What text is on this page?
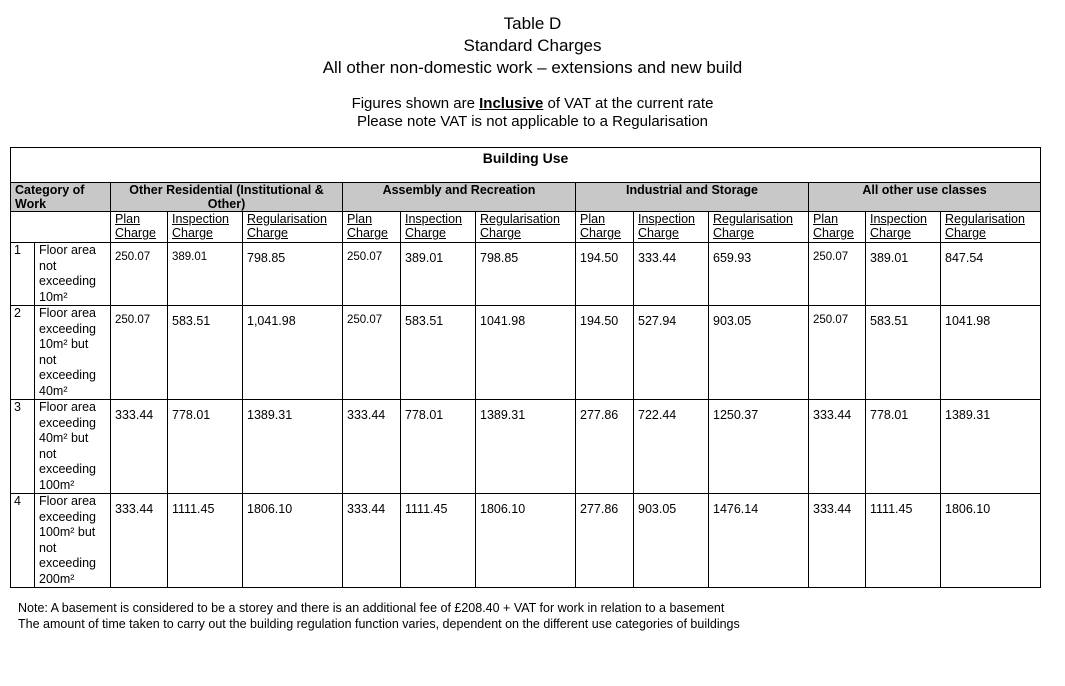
Table D
Standard Charges
All other non-domestic work – extensions and new build
Figures shown are Inclusive of VAT at the current rate
Please note VAT is not applicable to a Regularisation
Building Use													
Category of Work		Other Residential (Institutional & Other)			Assembly and Recreation			Industrial and Storage			All other use classes		
		Plan Charge	Inspection Charge	Regularisation Charge	Plan Charge	Inspection Charge	Regularisation Charge	Plan Charge	Inspection Charge	Regularisation Charge	Plan Charge	Inspection Charge	Regularisation Charge
1	Floor area not exceeding 10m²	250.07	389.01	798.85	250.07	389.01	798.85	194.50	333.44	659.93	250.07	389.01	847.54
2	Floor area exceeding 10m² but not exceeding 40m²	250.07	583.51	1,041.98	250.07	583.51	1041.98	194.50	527.94	903.05	250.07	583.51	1041.98
3	Floor area exceeding 40m² but not exceeding 100m²	333.44	778.01	1389.31	333.44	778.01	1389.31	277.86	722.44	1250.37	333.44	778.01	1389.31
4	Floor area exceeding 100m² but not exceeding 200m²	333.44	1111.45	1806.10	333.44	1111.45	1806.10	277.86	903.05	1476.14	333.44	1111.45	1806.10
Note: A basement is considered to be a storey and there is an additional fee of £208.40 + VAT for work in relation to a basement
The amount of time taken to carry out the building regulation function varies, dependent on the different use categories of buildings
